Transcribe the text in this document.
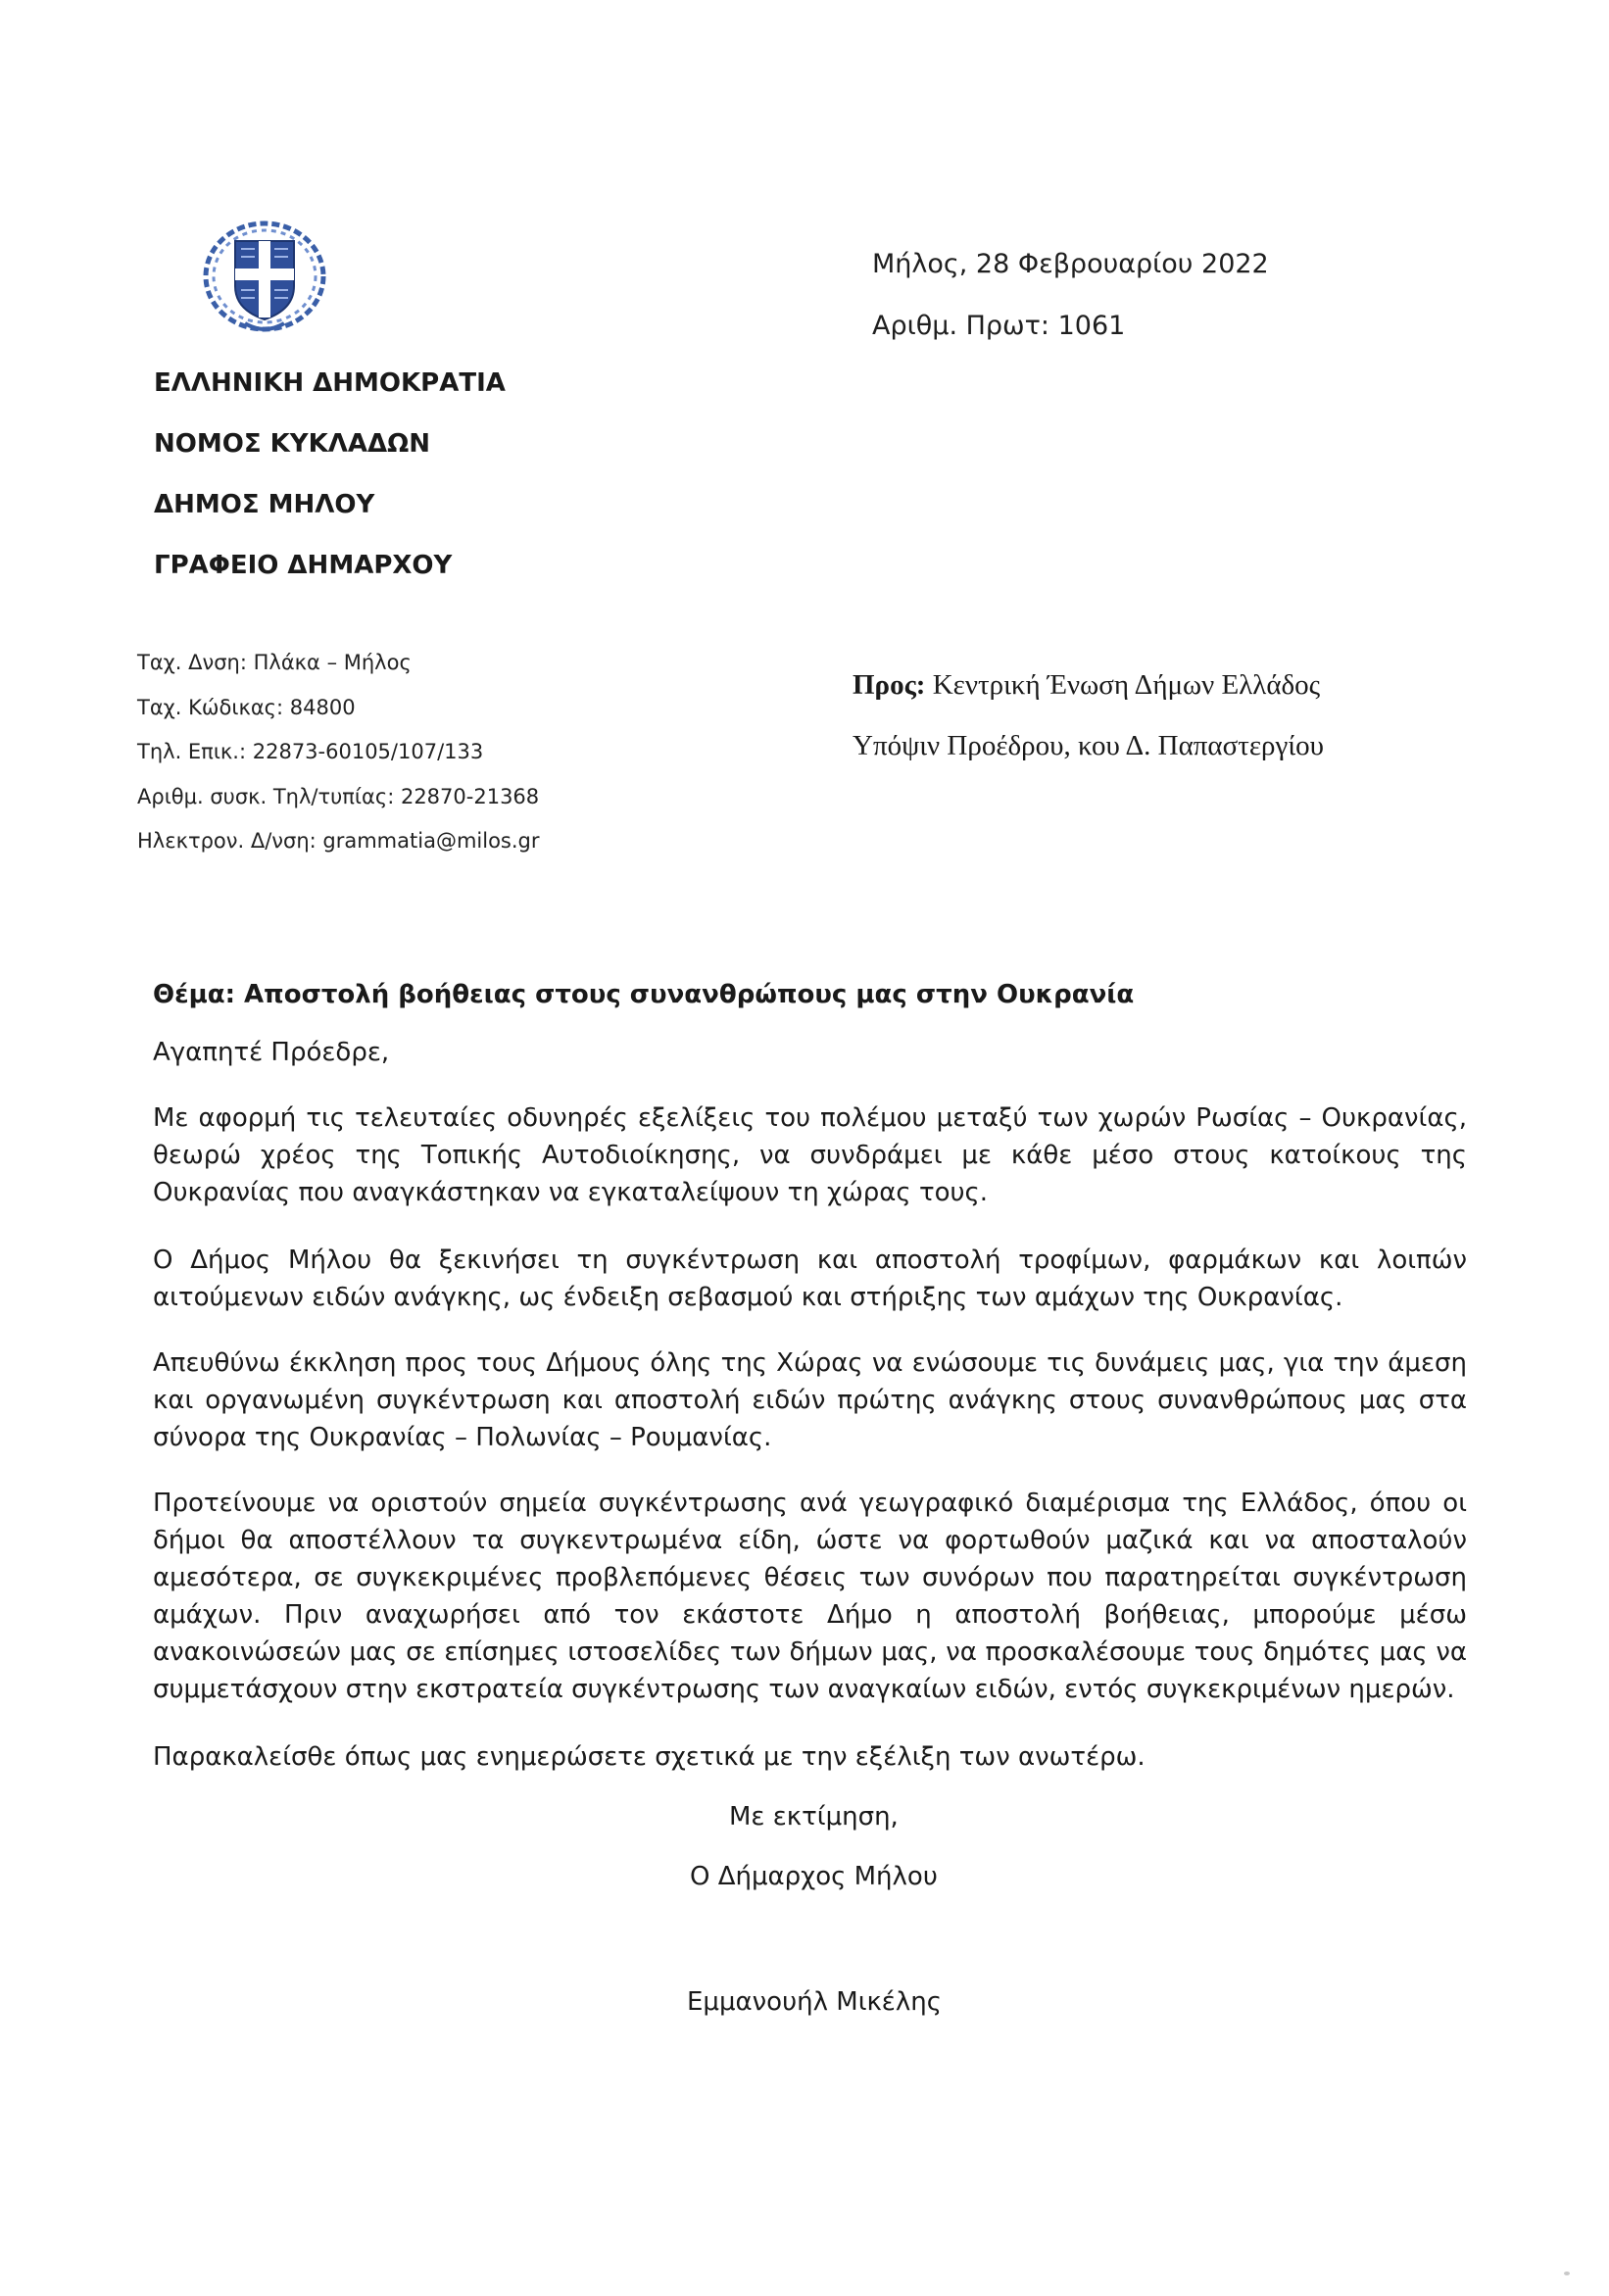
Μήλος, 28 Φεβρουαρίου 2022
Αριθμ. Πρωτ: 1061
ΕΛΛΗΝΙΚΗ ΔΗΜΟΚΡΑΤΙΑ
ΝΟΜΟΣ ΚΥΚΛΑΔΩΝ
ΔΗΜΟΣ ΜΗΛΟΥ
ΓΡΑΦΕΙΟ ΔΗΜΑΡΧΟΥ
Ταχ. Δνση: Πλάκα – Μήλος
Ταχ. Κώδικας: 84800
Τηλ. Επικ.: 22873-60105/107/133
Αριθμ. συσκ. Τηλ/τυπίας: 22870-21368
Ηλεκτρον. Δ/νση: grammatia@milos.gr
Προς: Κεντρική Ένωση Δήμων Ελλάδος
Υπόψιν Προέδρου, κου Δ. Παπαστεργίου
Θέμα: Αποστολή βοήθειας στους συνανθρώπους μας στην Ουκρανία
Αγαπητέ Πρόεδρε,

Με αφορμή τις τελευταίες οδυνηρές εξελίξεις του πολέμου μεταξύ των χωρών Ρωσίας – Ουκρανίας, θεωρώ χρέος της Τοπικής Αυτοδιοίκησης, να συνδράμει με κάθε μέσο στους κατοίκους της Ουκρανίας που αναγκάστηκαν να εγκαταλείψουν τη χώρας τους.

Ο Δήμος Μήλου θα ξεκινήσει τη συγκέντρωση και αποστολή τροφίμων, φαρμάκων και λοιπών αιτούμενων ειδών ανάγκης, ως ένδειξη σεβασμού και στήριξης των αμάχων της Ουκρανίας.

Απευθύνω έκκληση προς τους Δήμους όλης της Χώρας να ενώσουμε τις δυνάμεις μας, για την άμεση και οργανωμένη συγκέντρωση και αποστολή ειδών πρώτης ανάγκης στους συνανθρώπους μας στα σύνορα της Ουκρανίας – Πολωνίας – Ρουμανίας.

Προτείνουμε να οριστούν σημεία συγκέντρωσης ανά γεωγραφικό διαμέρισμα της Ελλάδος, όπου οι δήμοι θα αποστέλλουν τα συγκεντρωμένα είδη, ώστε να φορτωθούν μαζικά και να αποσταλούν αμεσότερα, σε συγκεκριμένες προβλεπόμενες θέσεις των συνόρων που παρατηρείται συγκέντρωση αμάχων. Πριν αναχωρήσει από τον εκάστοτε Δήμο η αποστολή βοήθειας, μπορούμε μέσω ανακοινώσεών μας σε επίσημες ιστοσελίδες των δήμων μας, να προσκαλέσουμε τους δημότες μας να συμμετάσχουν στην εκστρατεία συγκέντρωσης των αναγκαίων ειδών, εντός συγκεκριμένων ημερών.

Παρακαλείσθε όπως μας ενημερώσετε σχετικά με την εξέλιξη των ανωτέρω.

Με εκτίμηση,
Ο Δήμαρχος Μήλου
Εμμανουήλ Μικέλης
